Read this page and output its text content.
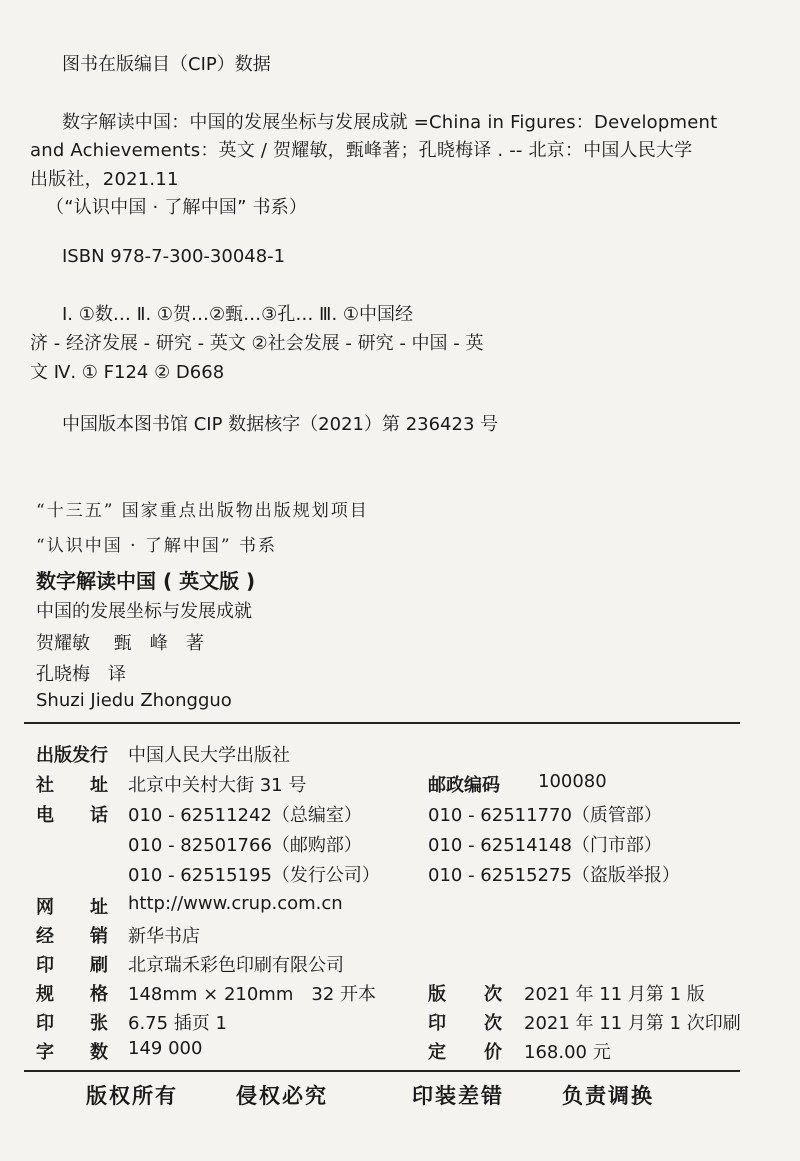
图书在版编目（CIP）数据
数字解读中国：中国的发展坐标与发展成就 =China in Figures：Development
and Achievements：英文 / 贺耀敏，甄峰著；孔晓梅译 . -- 北京：中国人民大学
出版社，2021.11
（“认识中国 · 了解中国” 书系）
ISBN 978-7-300-30048-1
Ⅰ. ①数… Ⅱ. ①贺…②甄…③孔… Ⅲ. ①中国经
济 - 经济发展 - 研究 - 英文 ②社会发展 - 研究 - 中国 - 英
文 Ⅳ. ① F124 ② D668
中国版本图书馆 CIP 数据核字（2021）第 236423 号
“十三五” 国家重点出版物出版规划项目
“认识中国 · 了解中国” 书系
数字解读中国 ( 英文版 )
中国的发展坐标与发展成就
贺耀敏　 甄　峰　著
孔晓梅　译
Shuzi Jiedu Zhongguo
出版发行 中国人民大学出版社
社 址 北京中关村大街 31 号	邮政编码 100080
电 话 010 - 62511242（总编室）	010 - 62511770（质管部）
010 - 82501766（邮购部）	010 - 62514148（门市部）
010 - 62515195（发行公司）	010 - 62515275（盗版举报）
网 址 http://www.crup.com.cn
经 销 新华书店
印 刷 北京瑞禾彩色印刷有限公司
规 格 148mm × 210mm　32 开本	版 次 2021 年 11 月第 1 版
印 张 6.75 插页 1	印 次 2021 年 11 月第 1 次印刷
字 数 149 000	定 价 168.00 元
版权所有	侵权必究	印装差错	负责调换
